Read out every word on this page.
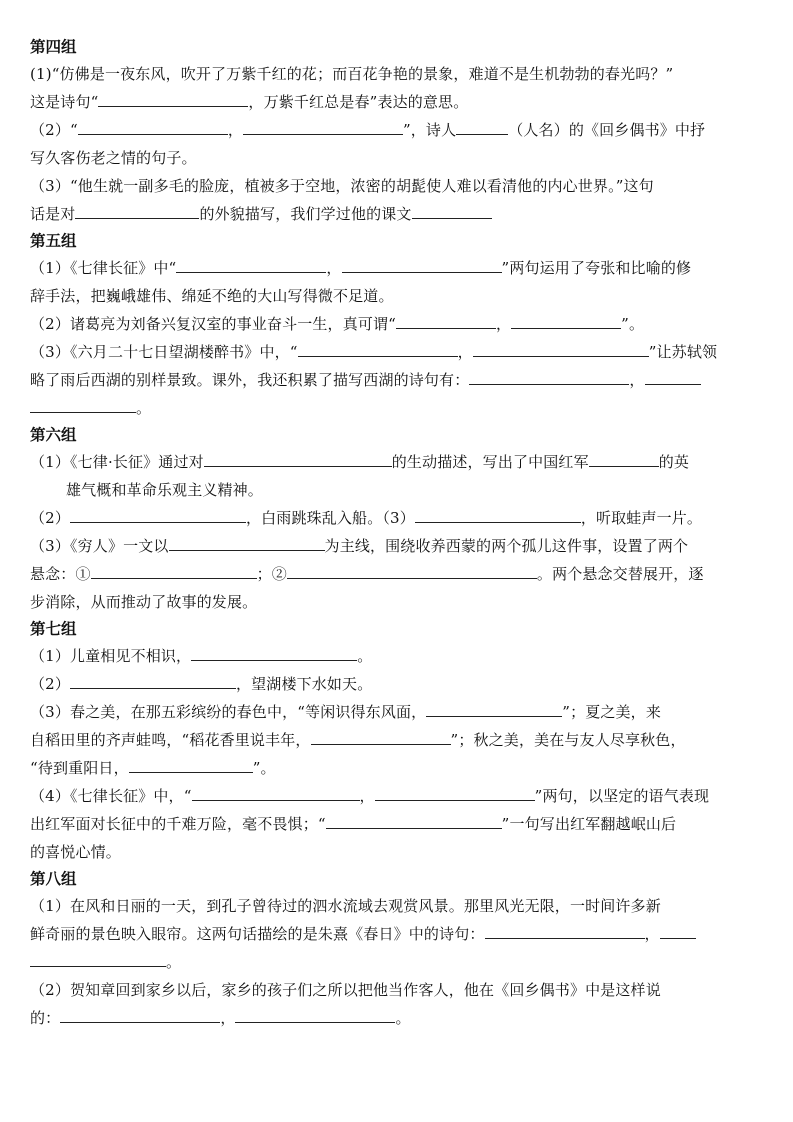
第四组
(1)“仿佛是一夜东风，吹开了万紫千红的花；而百花争艳的景象，难道不是生机勃勃的春光吗？”
这是诗句“	，万紫千红总是春”表达的意思。
（2）“	，	”，诗人	（人名）的《回乡偶书》中抒
写久客伤老之情的句子。
（3）“他生就一副多毛的脸庞，植被多于空地，浓密的胡髭使人难以看清他的内心世界。”这句
话是对	的外貌描写，我们学过他的课文
第五组
（1）《七律长征》中“	，	”两句运用了夸张和比喻的修
辞手法，把巍峨雄伟、绵延不绝的大山写得微不足道。
（2）诸葛亮为刘备兴复汉室的事业奋斗一生，真可谓“	，	”。
（3）《六月二十七日望湖楼醉书》中，“	，	”让苏轼领
略了雨后西湖的别样景致。课外，我还积累了描写西湖的诗句有：	，
。
第六组
（1）《七律·长征》通过对	的生动描述，写出了中国红军	的英
雄气概和革命乐观主义精神。
（2）	，白雨跳珠乱入船。（3）	，听取蛙声一片。
（3）《穷人》一文以	为主线，围绕收养西蒙的两个孤儿这件事，设置了两个
悬念：①	；②	。两个悬念交替展开，逐
步消除，从而推动了故事的发展。
第七组
（1）儿童相见不相识，	。
（2）	，望湖楼下水如天。
（3）春之美，在那五彩缤纷的春色中，“等闲识得东风面，	”；夏之美，来
自稻田里的齐声蛙鸣，“稻花香里说丰年，	”；秋之美，美在与友人尽享秋色，
“待到重阳日，	”。
（4）《七律长征》中，“	，	”两句，以坚定的语气表现
出红军面对长征中的千难万险，毫不畏惧；“	”一句写出红军翻越岷山后
的喜悦心情。
第八组
（1）在风和日丽的一天，到孔子曾待过的泗水流域去观赏风景。那里风光无限，一时间许多新
鲜奇丽的景色映入眼帘。这两句话描绘的是朱熹《春日》中的诗句：	，
。
（2）贺知章回到家乡以后，家乡的孩子们之所以把他当作客人，他在《回乡偶书》中是这样说
的：	，	。
